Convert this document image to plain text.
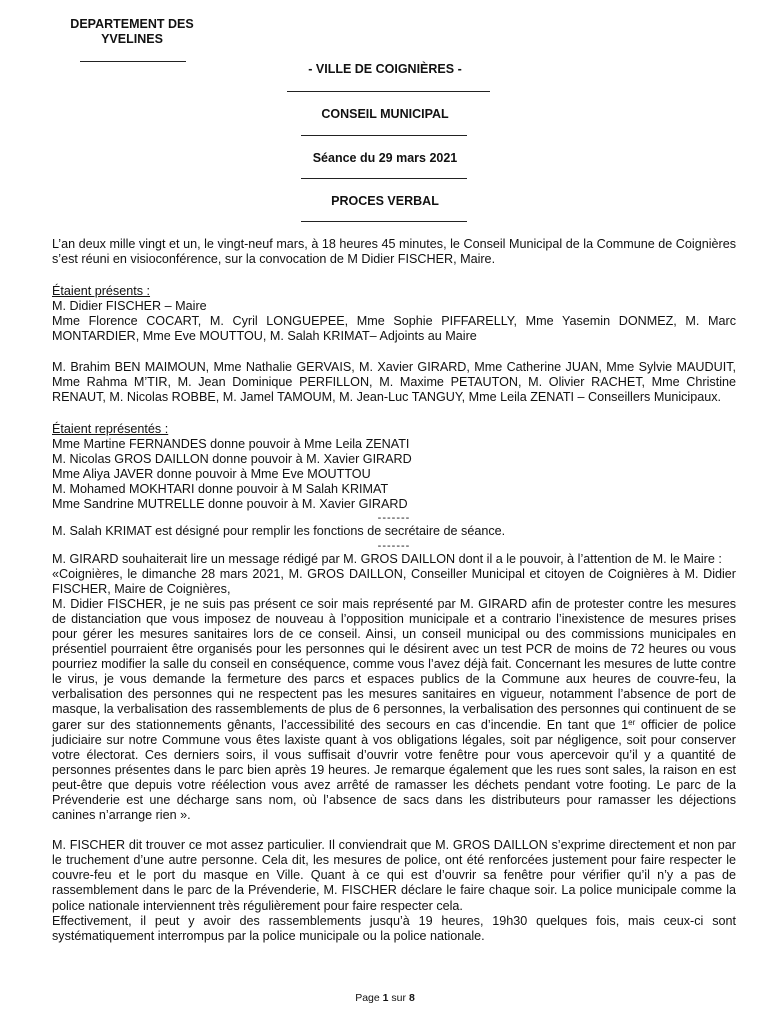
DEPARTEMENT DES
YVELINES
- VILLE DE COIGNIÈRES -
CONSEIL MUNICIPAL
Séance du 29 mars 2021
PROCES VERBAL

L’an deux mille vingt et un, le vingt-neuf mars, à 18 heures 45 minutes, le Conseil Municipal de la Commune de Coignières s’est réuni en visioconférence, sur la convocation de M Didier FISCHER, Maire.

Étaient présents :

M. Didier FISCHER – Maire

Mme Florence COCART, M. Cyril LONGUEPEE, Mme Sophie PIFFARELLY, Mme Yasemin DONMEZ, M. Marc MONTARDIER, Mme Eve MOUTTOU, M. Salah KRIMAT– Adjoints au Maire

M. Brahim BEN MAIMOUN, Mme Nathalie GERVAIS, M. Xavier GIRARD, Mme Catherine JUAN, Mme Sylvie MAUDUIT, Mme Rahma M’TIR, M. Jean Dominique PERFILLON, M. Maxime PETAUTON, M. Olivier RACHET, Mme Christine RENAUT, M. Nicolas ROBBE, M. Jamel TAMOUM, M. Jean-Luc TANGUY, Mme Leila ZENATI – Conseillers Municipaux.

Étaient représentés :

Mme Martine FERNANDES donne pouvoir à Mme Leila ZENATI

M. Nicolas GROS DAILLON donne pouvoir à M. Xavier GIRARD

Mme Aliya JAVER donne pouvoir à Mme Eve MOUTTOU

M. Mohamed MOKHTARI donne pouvoir à M Salah KRIMAT

Mme Sandrine MUTRELLE donne pouvoir à M. Xavier GIRARD

-------

M. Salah KRIMAT est désigné pour remplir les fonctions de secrétaire de séance.

-------

M. GIRARD souhaiterait lire un message rédigé par M. GROS DAILLON dont il a le pouvoir, à l’attention de M. le Maire :

«Coignières, le dimanche 28 mars 2021, M. GROS DAILLON, Conseiller Municipal et citoyen de Coignières à M. Didier FISCHER, Maire de Coignières,

M. Didier FISCHER, je ne suis pas présent ce soir mais représenté par M. GIRARD afin de protester contre les mesures de distanciation que vous imposez de nouveau à l’opposition municipale et a contrario l’inexistence de mesures prises pour gérer les mesures sanitaires lors de ce conseil. Ainsi, un conseil municipal ou des commissions municipales en présentiel pourraient être organisés pour les personnes qui le désirent avec un test PCR de moins de 72 heures ou vous pourriez modifier la salle du conseil en conséquence, comme vous l’avez déjà fait. Concernant les mesures de lutte contre le virus, je vous demande la fermeture des parcs et espaces publics de la Commune aux heures de couvre-feu, la verbalisation des personnes qui ne respectent pas les mesures sanitaires en vigueur, notamment l’absence de port de masque, la verbalisation des rassemblements de plus de 6 personnes, la verbalisation des personnes qui continuent de se garer sur des stationnements gênants, l’accessibilité des secours en cas d’incendie. En tant que 1er officier de police judiciaire sur notre Commune vous êtes laxiste quant à vos obligations légales, soit par négligence, soit pour conserver votre électorat. Ces derniers soirs, il vous suffisait d’ouvrir votre fenêtre pour vous apercevoir qu’il y a quantité de personnes présentes dans le parc bien après 19 heures. Je remarque également que les rues sont sales, la raison en est peut-être que depuis votre réélection vous avez arrêté de ramasser les déchets pendant votre footing. Le parc de la Prévenderie est une décharge sans nom, où l’absence de sacs dans les distributeurs pour ramasser les déjections canines n’arrange rien ».

M. FISCHER dit trouver ce mot assez particulier. Il conviendrait que M. GROS DAILLON s’exprime directement et non par le truchement d’une autre personne. Cela dit, les mesures de police, ont été renforcées justement pour faire respecter le couvre-feu et le port du masque en Ville. Quant à ce qui est d’ouvrir sa fenêtre pour vérifier qu’il n’y a pas de rassemblement dans le parc de la Prévenderie, M. FISCHER déclare le faire chaque soir. La police municipale comme la police nationale interviennent très régulièrement pour faire respecter cela.

Effectivement, il peut y avoir des rassemblements jusqu’à 19 heures, 19h30 quelques fois, mais ceux-ci sont systématiquement interrompus par la police municipale ou la police nationale.

Page 1 sur 8
